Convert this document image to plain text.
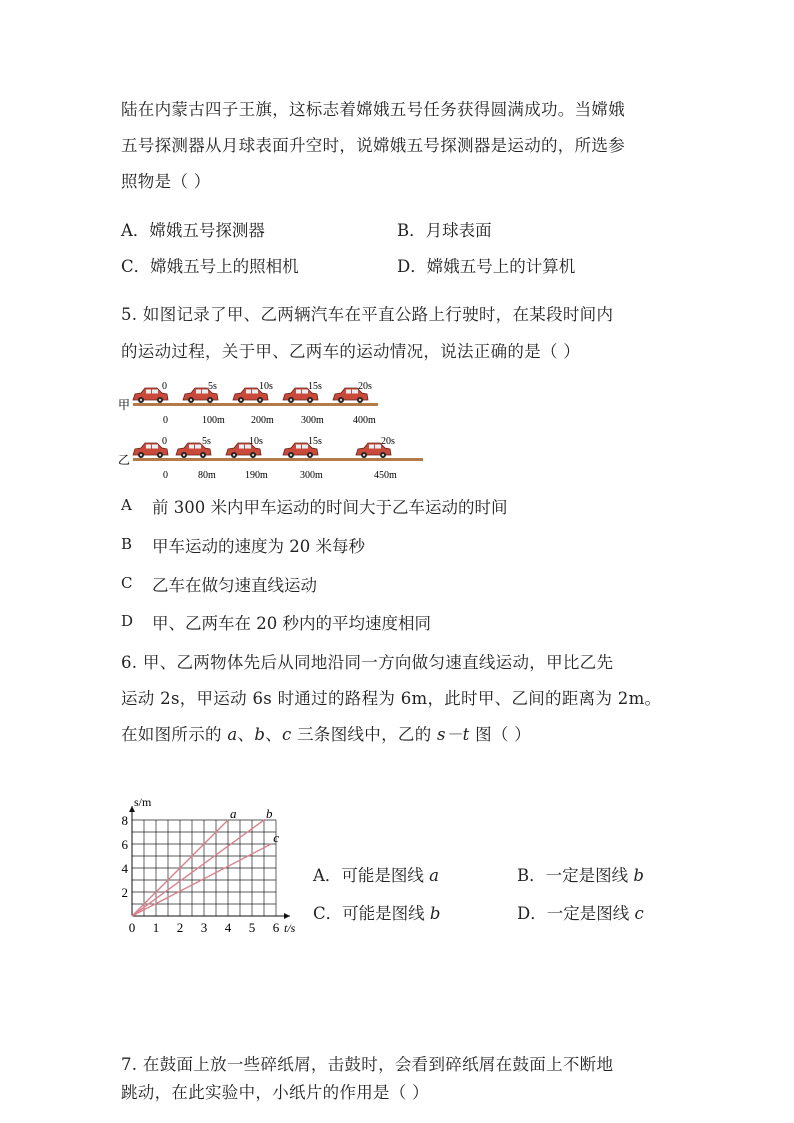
陆在内蒙古四子王旗，这标志着嫦娥五号任务获得圆满成功。当嫦娥
五号探测器从月球表面升空时，说嫦娥五号探测器是运动的，所选参
照物是（ ）
A．嫦娥五号探测器	B．月球表面
C．嫦娥五号上的照相机	D．嫦娥五号上的计算机
5. 如图记录了甲、乙两辆汽车在平直公路上行驶时，在某段时间内
的运动过程，关于甲、乙两车的运动情况，说法正确的是（ ）
甲
0	5s	10s	15s	20s
0	100m	200m	300m	400m
乙
0	5s	10s	15s	20s
0	80m	190m	300m	450m
A 前 300 米内甲车运动的时间大于乙车运动的时间
B 甲车运动的速度为 20 米每秒
C 乙车在做匀速直线运动
D 甲、乙两车在 20 秒内的平均速度相同
6. 甲、乙两物体先后从同地沿同一方向做匀速直线运动，甲比乙先
运动 2s，甲运动 6s 时通过的路程为 6m，此时甲、乙间的距离为 2m。
在如图所示的 a、b、c 三条图线中，乙的 s－t 图（ ）
0 1 2 3 4 5 6
2
4
6
8
s/m
t/s
a b
c
A．可能是图线 a	B．一定是图线 b
C．可能是图线 b	D．一定是图线 c
7. 在鼓面上放一些碎纸屑，击鼓时，会看到碎纸屑在鼓面上不断地
跳动，在此实验中，小纸片的作用是（ ）
